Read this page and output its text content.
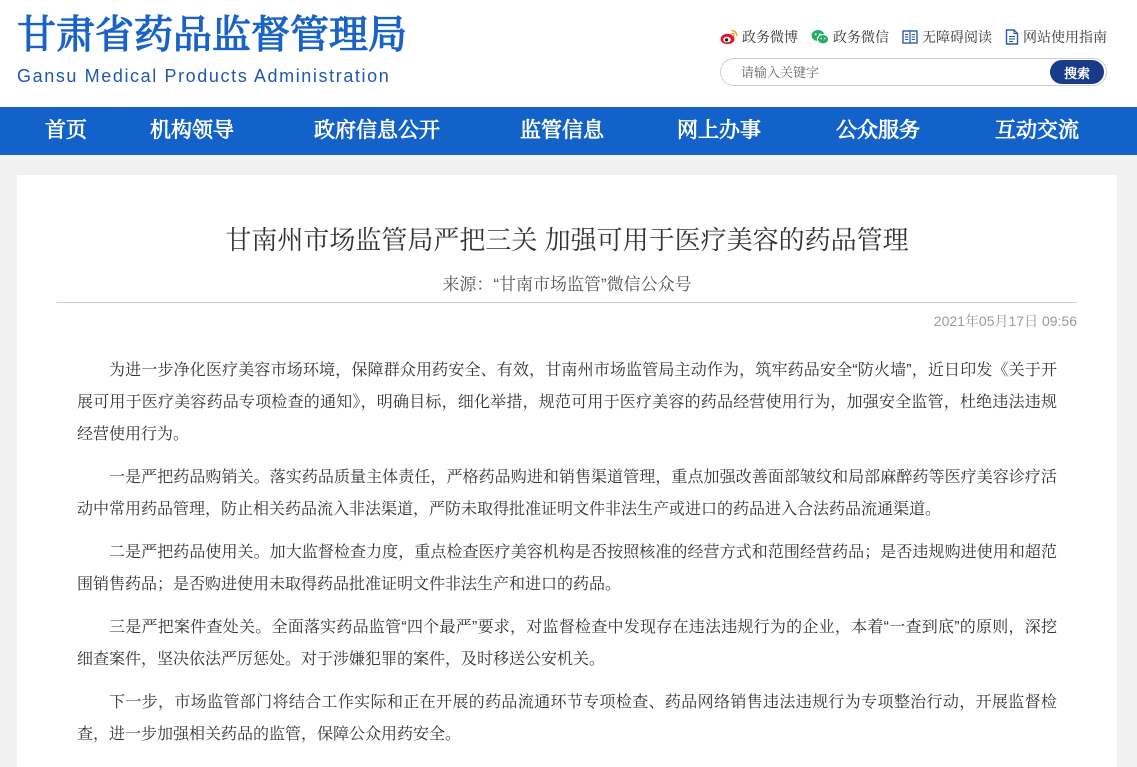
甘肃省药品监督管理局
Gansu Medical Products Administration
政务微博	政务微信 无障碍阅读 网站使用指南
请输入关键字
搜索
首页	机构领导	政府信息公开	监管信息	网上办事	公众服务	互动交流
甘南州市场监管局严把三关 加强可用于医疗美容的药品管理
来源：“甘南市场监管”微信公众号
2021年05月17日 09:56

为进一步净化医疗美容市场环境，保障群众用药安全、有效，甘南州市场监管局主动作为，筑牢药品安全“防火墙”，近日印发《关于开展可用于医疗美容药品专项检查的通知》，明确目标，细化举措，规范可用于医疗美容的药品经营使用行为，加强安全监管，杜绝违法违规经营使用行为。

一是严把药品购销关。落实药品质量主体责任，严格药品购进和销售渠道管理，重点加强改善面部皱纹和局部麻醉药等医疗美容诊疗活动中常用药品管理，防止相关药品流入非法渠道，严防未取得批准证明文件非法生产或进口的药品进入合法药品流通渠道。

二是严把药品使用关。加大监督检查力度，重点检查医疗美容机构是否按照核准的经营方式和范围经营药品；是否违规购进使用和超范围销售药品；是否购进使用未取得药品批准证明文件非法生产和进口的药品。

三是严把案件查处关。全面落实药品监管“四个最严”要求，对监督检查中发现存在违法违规行为的企业，本着“一查到底”的原则，深挖细查案件，坚决依法严厉惩处。对于涉嫌犯罪的案件，及时移送公安机关。

下一步，市场监管部门将结合工作实际和正在开展的药品流通环节专项检查、药品网络销售违法违规行为专项整治行动，开展监督检查，进一步加强相关药品的监管，保障公众用药安全。
